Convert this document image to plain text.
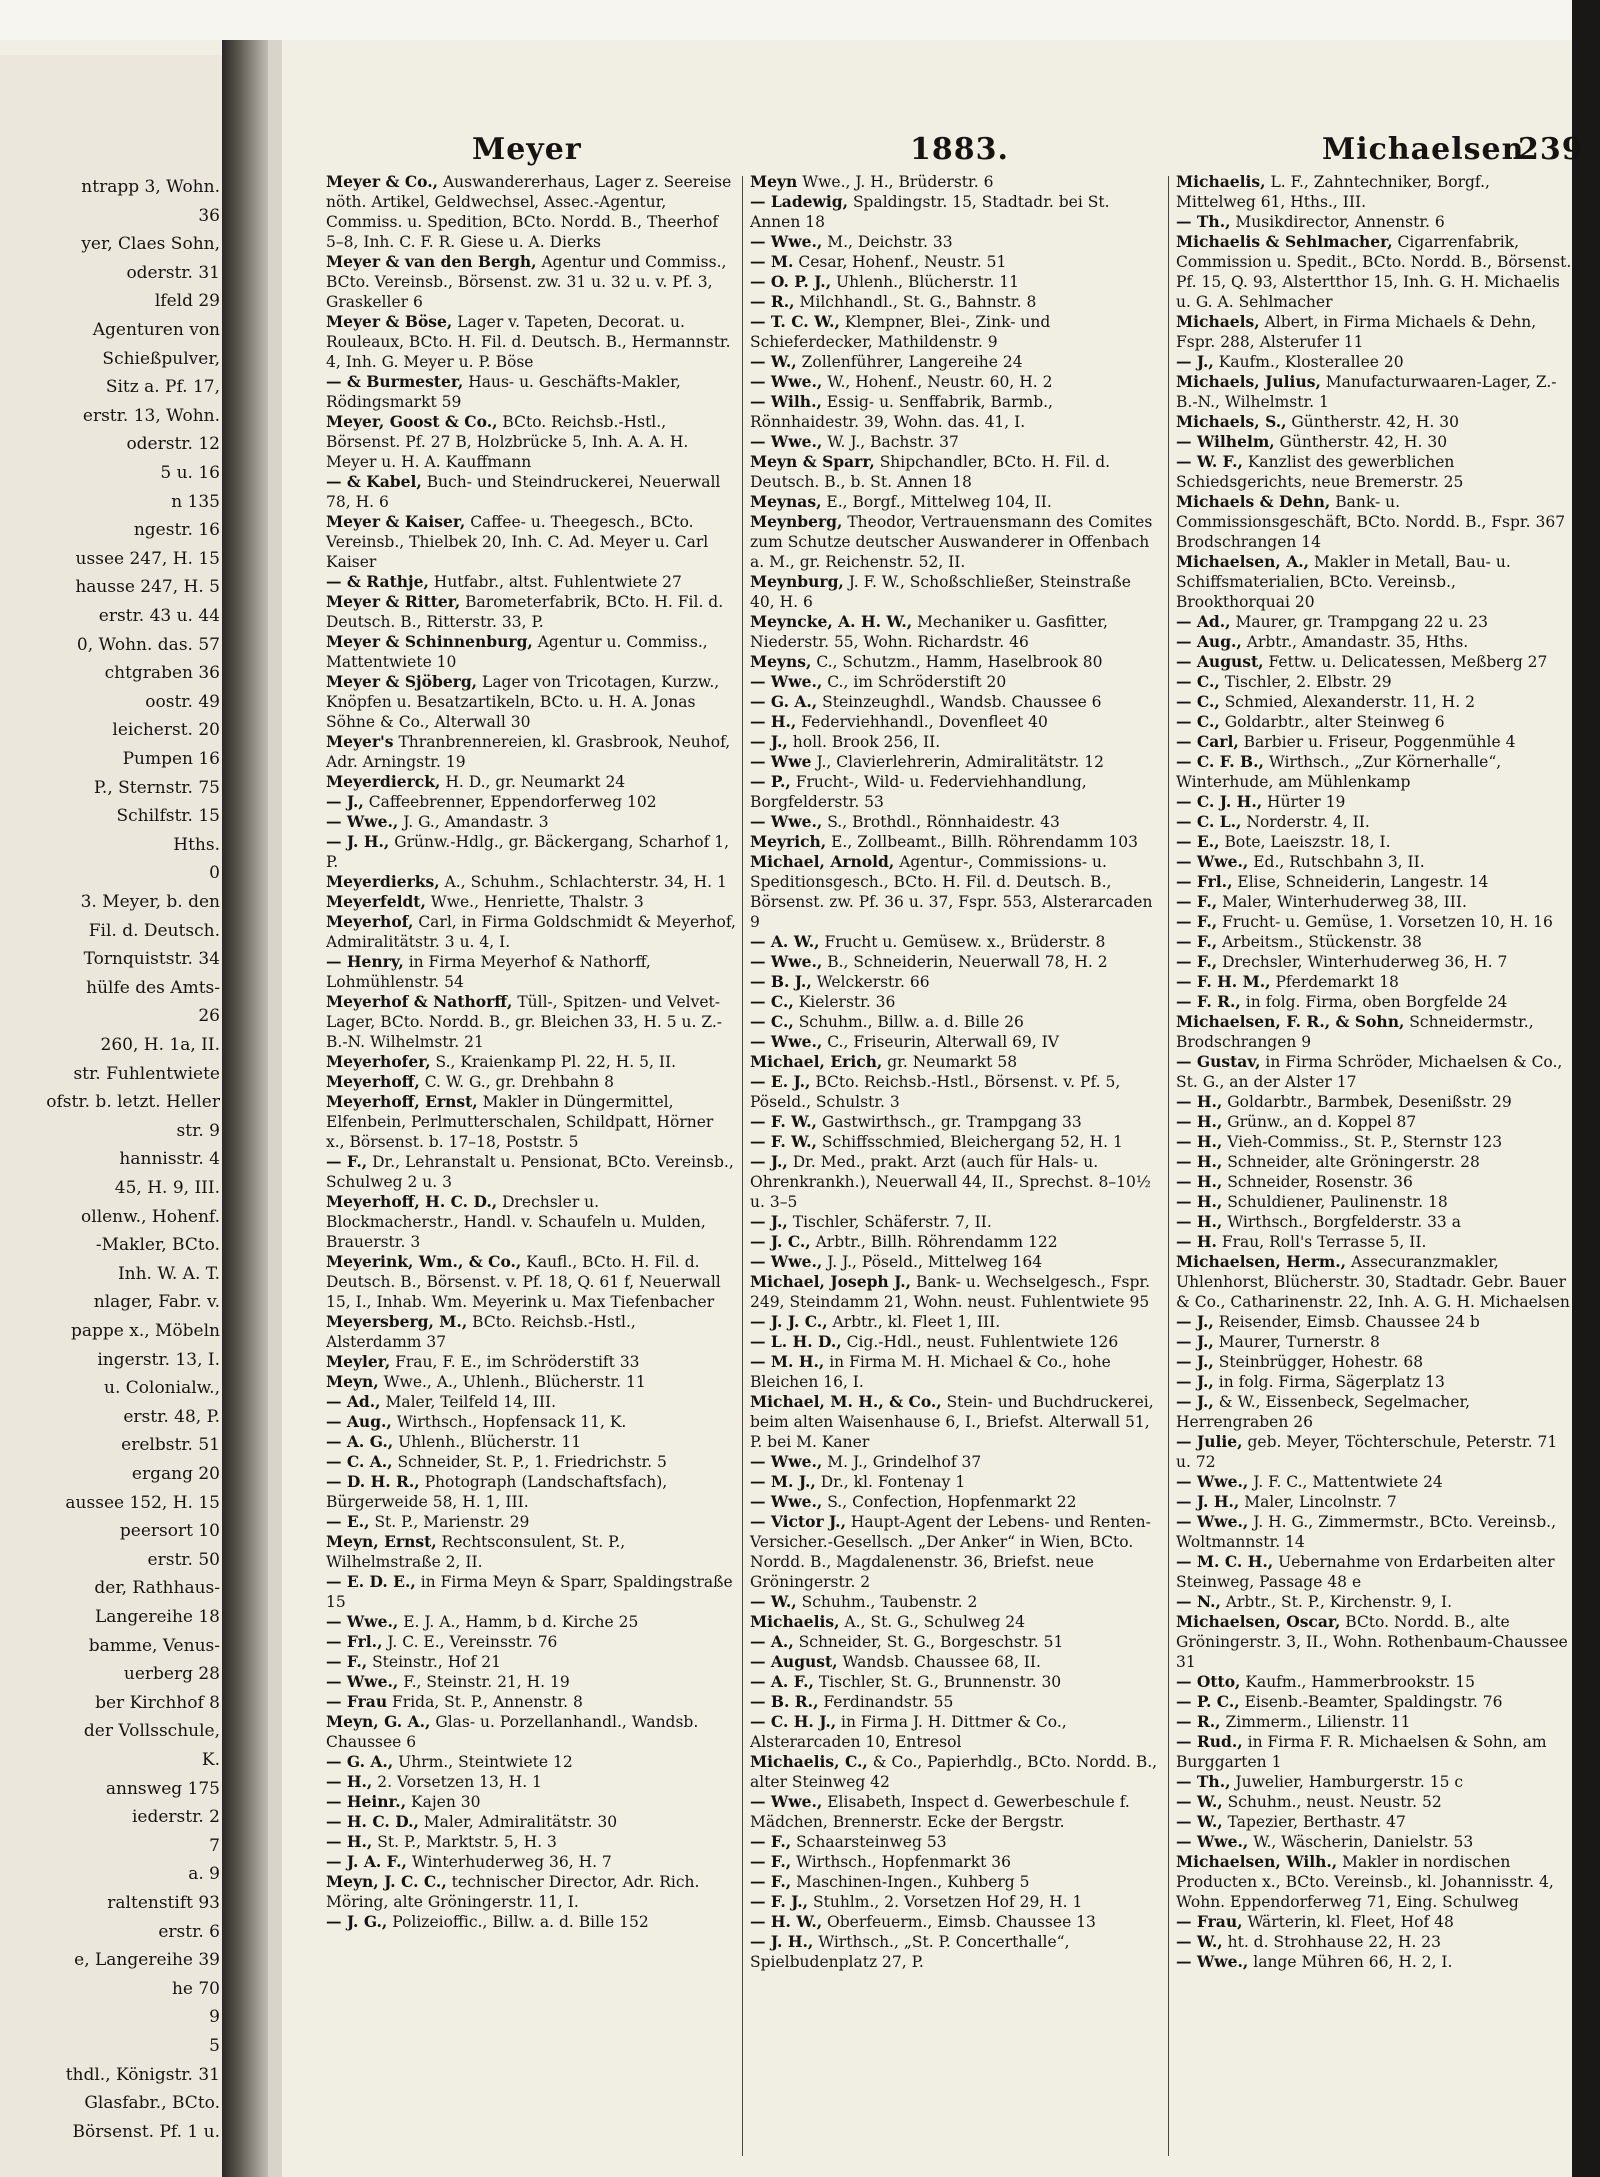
ntrapp 3, Wohn.
36
yer, Claes Sohn,
oderstr. 31
lfeld 29
Agenturen von
Schießpulver,
Sitz a. Pf. 17,
erstr. 13, Wohn.
oderstr. 12
5 u. 16
n 135
ngestr. 16
ussee 247, H. 15
hausse 247, H. 5
erstr. 43 u. 44
0, Wohn. das. 57
chtgraben 36
oostr. 49
leicherst. 20
Pumpen 16
P., Sternstr. 75
Schilfstr. 15
Hths.
0
3. Meyer, b. den
Fil. d. Deutsch.
Tornquiststr. 34
hülfe des Amts-
26
260, H. 1a, II.
str. Fuhlentwiete
ofstr. b. letzt. Heller
str. 9
hannisstr. 4
45, H. 9, III.
ollenw., Hohenf.
-Makler, BCto.
Inh. W. A. T.
nlager, Fabr. v.
pappe x., Möbeln
ingerstr. 13, I.
u. Colonialw.,
erstr. 48, P.
erelbstr. 51
ergang 20
aussee 152, H. 15
peersort 10
erstr. 50
der, Rathhaus-
Langereihe 18
bamme, Venus-
uerberg 28
ber Kirchhof 8
der Vollsschule,
K.
annsweg 175
iederstr. 2
7
a. 9
raltenstift 93
erstr. 6
e, Langereihe 39
he 70
9
5
thdl., Königstr. 31
Glasfabr., BCto.
Börsenst. Pf. 1 u.
Meyer	1883.	Michaelsen
239

Meyer & Co., Auswandererhaus, Lager z. Seereise nöth. Artikel, Geldwechsel, Assec.-Agentur, Commiss. u. Spedition, BCto. Nordd. B., Theerhof 5–8, Inh. C. F. R. Giese u. A. Dierks

Meyer & van den Bergh, Agentur und Commiss., BCto. Vereinsb., Börsenst. zw. 31 u. 32 u. v. Pf. 3, Graskeller 6

Meyer & Böse, Lager v. Tapeten, Decorat. u. Rouleaux, BCto. H. Fil. d. Deutsch. B., Hermannstr. 4, Inh. G. Meyer u. P. Böse

— & Burmester, Haus- u. Geschäfts-Makler, Rödingsmarkt 59

Meyer, Goost & Co., BCto. Reichsb.-Hstl., Börsenst. Pf. 27 B, Holzbrücke 5, Inh. A. A. H. Meyer u. H. A. Kauffmann

— & Kabel, Buch- und Steindruckerei, Neuerwall 78, H. 6

Meyer & Kaiser, Caffee- u. Theegesch., BCto. Vereinsb., Thielbek 20, Inh. C. Ad. Meyer u. Carl Kaiser

— & Rathje, Hutfabr., altst. Fuhlentwiete 27

Meyer & Ritter, Barometerfabrik, BCto. H. Fil. d. Deutsch. B., Ritterstr. 33, P.

Meyer & Schinnenburg, Agentur u. Commiss., Mattentwiete 10

Meyer & Sjöberg, Lager von Tricotagen, Kurzw., Knöpfen u. Besatzartikeln, BCto. u. H. A. Jonas Söhne & Co., Alterwall 30

Meyer's Thranbrennereien, kl. Grasbrook, Neuhof, Adr. Arningstr. 19

Meyerdierck, H. D., gr. Neumarkt 24

— J., Caffeebrenner, Eppendorferweg 102

— Wwe., J. G., Amandastr. 3

— J. H., Grünw.-Hdlg., gr. Bäckergang, Scharhof 1, P.

Meyerdierks, A., Schuhm., Schlachterstr. 34, H. 1

Meyerfeldt, Wwe., Henriette, Thalstr. 3

Meyerhof, Carl, in Firma Goldschmidt & Meyerhof, Admiralitätstr. 3 u. 4, I.

— Henry, in Firma Meyerhof & Nathorff, Lohmühlenstr. 54

Meyerhof & Nathorff, Tüll-, Spitzen- und Velvet-Lager, BCto. Nordd. B., gr. Bleichen 33, H. 5 u. Z.-B.-N. Wilhelmstr. 21

Meyerhofer, S., Kraienkamp Pl. 22, H. 5, II.

Meyerhoff, C. W. G., gr. Drehbahn 8

Meyerhoff, Ernst, Makler in Düngermittel, Elfenbein, Perlmutterschalen, Schildpatt, Hörner x., Börsenst. b. 17–18, Poststr. 5

— F., Dr., Lehranstalt u. Pensionat, BCto. Vereinsb., Schulweg 2 u. 3

Meyerhoff, H. C. D., Drechsler u. Blockmacherstr., Handl. v. Schaufeln u. Mulden, Brauerstr. 3

Meyerink, Wm., & Co., Kaufl., BCto. H. Fil. d. Deutsch. B., Börsenst. v. Pf. 18, Q. 61 f, Neuerwall 15, I., Inhab. Wm. Meyerink u. Max Tiefenbacher

Meyersberg, M., BCto. Reichsb.-Hstl., Alsterdamm 37

Meyler, Frau, F. E., im Schröderstift 33

Meyn, Wwe., A., Uhlenh., Blücherstr. 11

— Ad., Maler, Teilfeld 14, III.

— Aug., Wirthsch., Hopfensack 11, K.

— A. G., Uhlenh., Blücherstr. 11

— C. A., Schneider, St. P., 1. Friedrichstr. 5

— D. H. R., Photograph (Landschaftsfach), Bürgerweide 58, H. 1, III.

— E., St. P., Marienstr. 29

Meyn, Ernst, Rechtsconsulent, St. P., Wilhelmstraße 2, II.

— E. D. E., in Firma Meyn & Sparr, Spaldingstraße 15

— Wwe., E. J. A., Hamm, b d. Kirche 25

— Frl., J. C. E., Vereinsstr. 76

— F., Steinstr., Hof 21

— Wwe., F., Steinstr. 21, H. 19

— Frau Frida, St. P., Annenstr. 8

Meyn, G. A., Glas- u. Porzellanhandl., Wandsb. Chaussee 6

— G. A., Uhrm., Steintwiete 12

— H., 2. Vorsetzen 13, H. 1

— Heinr., Kajen 30

— H. C. D., Maler, Admiralitätstr. 30

— H., St. P., Marktstr. 5, H. 3

— J. A. F., Winterhuderweg 36, H. 7

Meyn, J. C. C., technischer Director, Adr. Rich. Möring, alte Gröningerstr. 11, I.

— J. G., Polizeioffic., Billw. a. d. Bille 152

Meyn Wwe., J. H., Brüderstr. 6

— Ladewig, Spaldingstr. 15, Stadtadr. bei St. Annen 18

— Wwe., M., Deichstr. 33

— M. Cesar, Hohenf., Neustr. 51

— O. P. J., Uhlenh., Blücherstr. 11

— R., Milchhandl., St. G., Bahnstr. 8

— T. C. W., Klempner, Blei-, Zink- und Schieferdecker, Mathildenstr. 9

— W., Zollenführer, Langereihe 24

— Wwe., W., Hohenf., Neustr. 60, H. 2

— Wilh., Essig- u. Senffabrik, Barmb., Rönnhaidestr. 39, Wohn. das. 41, I.

— Wwe., W. J., Bachstr. 37

Meyn & Sparr, Shipchandler, BCto. H. Fil. d. Deutsch. B., b. St. Annen 18

Meynas, E., Borgf., Mittelweg 104, II.

Meynberg, Theodor, Vertrauensmann des Comites zum Schutze deutscher Auswanderer in Offenbach a. M., gr. Reichenstr. 52, II.

Meynburg, J. F. W., Schoßschließer, Steinstraße 40, H. 6

Meyncke, A. H. W., Mechaniker u. Gasfitter, Niederstr. 55, Wohn. Richardstr. 46

Meyns, C., Schutzm., Hamm, Haselbrook 80

— Wwe., C., im Schröderstift 20

— G. A., Steinzeughdl., Wandsb. Chaussee 6

— H., Federviehhandl., Dovenfleet 40

— J., holl. Brook 256, II.

— Wwe J., Clavierlehrerin, Admiralitätstr. 12

— P., Frucht-, Wild- u. Federviehhandlung, Borgfelderstr. 53

— Wwe., S., Brothdl., Rönnhaidestr. 43

Meyrich, E., Zollbeamt., Billh. Röhrendamm 103

Michael, Arnold, Agentur-, Commissions- u. Speditionsgesch., BCto. H. Fil. d. Deutsch. B., Börsenst. zw. Pf. 36 u. 37, Fspr. 553, Alsterarcaden 9

— A. W., Frucht u. Gemüsew. x., Brüderstr. 8

— Wwe., B., Schneiderin, Neuerwall 78, H. 2

— B. J., Welckerstr. 66

— C., Kielerstr. 36

— C., Schuhm., Billw. a. d. Bille 26

— Wwe., C., Friseurin, Alterwall 69, IV

Michael, Erich, gr. Neumarkt 58

— E. J., BCto. Reichsb.-Hstl., Börsenst. v. Pf. 5, Pöseld., Schulstr. 3

— F. W., Gastwirthsch., gr. Trampgang 33

— F. W., Schiffsschmied, Bleichergang 52, H. 1

— J., Dr. Med., prakt. Arzt (auch für Hals- u. Ohrenkrankh.), Neuerwall 44, II., Sprechst. 8–10½ u. 3–5

— J., Tischler, Schäferstr. 7, II.

— J. C., Arbtr., Billh. Röhrendamm 122

— Wwe., J. J., Pöseld., Mittelweg 164

Michael, Joseph J., Bank- u. Wechselgesch., Fspr. 249, Steindamm 21, Wohn. neust. Fuhlentwiete 95

— J. J. C., Arbtr., kl. Fleet 1, III.

— L. H. D., Cig.-Hdl., neust. Fuhlentwiete 126

— M. H., in Firma M. H. Michael & Co., hohe Bleichen 16, I.

Michael, M. H., & Co., Stein- und Buchdruckerei, beim alten Waisenhause 6, I., Briefst. Alterwall 51, P. bei M. Kaner

— Wwe., M. J., Grindelhof 37

— M. J., Dr., kl. Fontenay 1

— Wwe., S., Confection, Hopfenmarkt 22

— Victor J., Haupt-Agent der Lebens- und Renten-Versicher.-Gesellsch. „Der Anker“ in Wien, BCto. Nordd. B., Magdalenenstr. 36, Briefst. neue Gröningerstr. 2

— W., Schuhm., Taubenstr. 2

Michaelis, A., St. G., Schulweg 24

— A., Schneider, St. G., Borgeschstr. 51

— August, Wandsb. Chaussee 68, II.

— A. F., Tischler, St. G., Brunnenstr. 30

— B. R., Ferdinandstr. 55

— C. H. J., in Firma J. H. Dittmer & Co., Alsterarcaden 10, Entresol

Michaelis, C., & Co., Papierhdlg., BCto. Nordd. B., alter Steinweg 42

— Wwe., Elisabeth, Inspect d. Gewerbeschule f. Mädchen, Brennerstr. Ecke der Bergstr.

— F., Schaarsteinweg 53

— F., Wirthsch., Hopfenmarkt 36

— F., Maschinen-Ingen., Kuhberg 5

— F. J., Stuhlm., 2. Vorsetzen Hof 29, H. 1

— H. W., Oberfeuerm., Eimsb. Chaussee 13

— J. H., Wirthsch., „St. P. Concerthalle“, Spielbudenplatz 27, P.

Michaelis, L. F., Zahntechniker, Borgf., Mittelweg 61, Hths., III.

— Th., Musikdirector, Annenstr. 6

Michaelis & Sehlmacher, Cigarrenfabrik, Commission u. Spedit., BCto. Nordd. B., Börsenst. Pf. 15, Q. 93, Alstertthor 15, Inh. G. H. Michaelis u. G. A. Sehlmacher

Michaels, Albert, in Firma Michaels & Dehn, Fspr. 288, Alsterufer 11

— J., Kaufm., Klosterallee 20

Michaels, Julius, Manufacturwaaren-Lager, Z.-B.-N., Wilhelmstr. 1

Michaels, S., Güntherstr. 42, H. 30

— Wilhelm, Güntherstr. 42, H. 30

— W. F., Kanzlist des gewerblichen Schiedsgerichts, neue Bremerstr. 25

Michaels & Dehn, Bank- u. Commissionsgeschäft, BCto. Nordd. B., Fspr. 367 Brodschrangen 14

Michaelsen, A., Makler in Metall, Bau- u. Schiffsmaterialien, BCto. Vereinsb., Brookthorquai 20

— Ad., Maurer, gr. Trampgang 22 u. 23

— Aug., Arbtr., Amandastr. 35, Hths.

— August, Fettw. u. Delicatessen, Meßberg 27

— C., Tischler, 2. Elbstr. 29

— C., Schmied, Alexanderstr. 11, H. 2

— C., Goldarbtr., alter Steinweg 6

— Carl, Barbier u. Friseur, Poggenmühle 4

— C. F. B., Wirthsch., „Zur Körnerhalle“, Winterhude, am Mühlenkamp

— C. J. H., Hürter 19

— C. L., Norderstr. 4, II.

— E., Bote, Laeiszstr. 18, I.

— Wwe., Ed., Rutschbahn 3, II.

— Frl., Elise, Schneiderin, Langestr. 14

— F., Maler, Winterhuderweg 38, III.

— F., Frucht- u. Gemüse, 1. Vorsetzen 10, H. 16

— F., Arbeitsm., Stückenstr. 38

— F., Drechsler, Winterhuderweg 36, H. 7

— F. H. M., Pferdemarkt 18

— F. R., in folg. Firma, oben Borgfelde 24

Michaelsen, F. R., & Sohn, Schneidermstr., Brodschrangen 9

— Gustav, in Firma Schröder, Michaelsen & Co., St. G., an der Alster 17

— H., Goldarbtr., Barmbek, Desenißstr. 29

— H., Grünw., an d. Koppel 87

— H., Vieh-Commiss., St. P., Sternstr 123

— H., Schneider, alte Gröningerstr. 28

— H., Schneider, Rosenstr. 36

— H., Schuldiener, Paulinenstr. 18

— H., Wirthsch., Borgfelderstr. 33 a

— H. Frau, Roll's Terrasse 5, II.

Michaelsen, Herm., Assecuranzmakler, Uhlenhorst, Blücherstr. 30, Stadtadr. Gebr. Bauer & Co., Catharinenstr. 22, Inh. A. G. H. Michaelsen

— J., Reisender, Eimsb. Chaussee 24 b

— J., Maurer, Turnerstr. 8

— J., Steinbrügger, Hohestr. 68

— J., in folg. Firma, Sägerplatz 13

— J., & W., Eissenbeck, Segelmacher, Herrengraben 26

— Julie, geb. Meyer, Töchterschule, Peterstr. 71 u. 72

— Wwe., J. F. C., Mattentwiete 24

— J. H., Maler, Lincolnstr. 7

— Wwe., J. H. G., Zimmermstr., BCto. Vereinsb., Woltmannstr. 14

— M. C. H., Uebernahme von Erdarbeiten alter Steinweg, Passage 48 e

— N., Arbtr., St. P., Kirchenstr. 9, I.

Michaelsen, Oscar, BCto. Nordd. B., alte Gröningerstr. 3, II., Wohn. Rothenbaum-Chaussee 31

— Otto, Kaufm., Hammerbrookstr. 15

— P. C., Eisenb.-Beamter, Spaldingstr. 76

— R., Zimmerm., Lilienstr. 11

— Rud., in Firma F. R. Michaelsen & Sohn, am Burggarten 1

— Th., Juwelier, Hamburgerstr. 15 c

— W., Schuhm., neust. Neustr. 52

— W., Tapezier, Berthastr. 47

— Wwe., W., Wäscherin, Danielstr. 53

Michaelsen, Wilh., Makler in nordischen Producten x., BCto. Vereinsb., kl. Johannisstr. 4, Wohn. Eppendorferweg 71, Eing. Schulweg

— Frau, Wärterin, kl. Fleet, Hof 48

— W., ht. d. Strohhause 22, H. 23

— Wwe., lange Mühren 66, H. 2, I.
